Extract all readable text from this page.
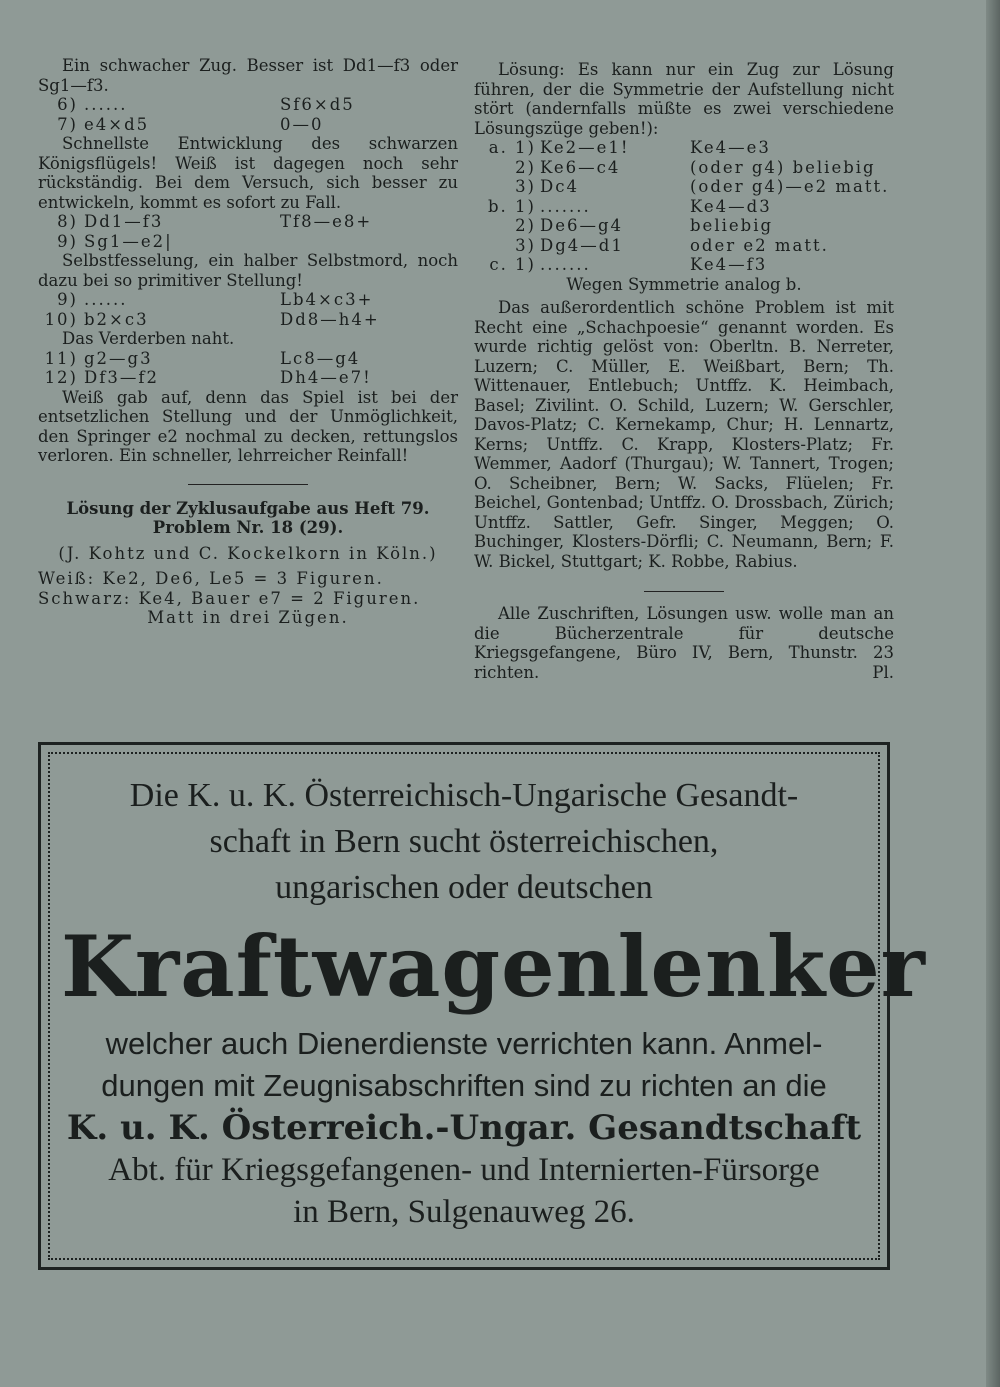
Ein schwacher Zug. Besser ist Dd1—f3 oder Sg1—f3.

6) ......	Sf6×d5
7) e4×d5	0—0

Schnellste Entwicklung des schwarzen Königsflügels! Weiß ist dagegen noch sehr rückständig. Bei dem Versuch, sich besser zu entwickeln, kommt es sofort zu Fall.

8) Dd1—f3	Tf8—e8+
9) Sg1—e2|

Selbstfesselung, ein halber Selbstmord, noch dazu bei so primitiver Stellung!

9) ......	Lb4×c3+
10) b2×c3	Dd8—h4+

Das Verderben naht.

11) g2—g3	Lc8—g4
12) Df3—f2	Dh4—e7!

Weiß gab auf, denn das Spiel ist bei der entsetzlichen Stellung und der Unmöglichkeit, den Springer e2 nochmal zu decken, rettungslos verloren. Ein schneller, lehrreicher Reinfall!

Lösung der Zyklusaufgabe aus Heft 79.

Problem Nr. 18 (29).

(J. Kohtz und C. Kockelkorn in Köln.)

Weiß: Ke2, De6, Le5 = 3 Figuren.

Schwarz: Ke4, Bauer e7 = 2 Figuren.

Matt in drei Zügen.

Lösung: Es kann nur ein Zug zur Lösung führen, der die Symmetrie der Aufstellung nicht stört (andernfalls müßte es zwei verschiedene Lösungszüge geben!):

a. 1) Ke2—e1!	Ke4—e3
2) Ke6—c4	(oder g4) beliebig
3) Dc4	(oder g4)—e2 matt.
b. 1) .......	Ke4—d3
2) De6—g4	beliebig
3) Dg4—d1	oder e2 matt.
c. 1) .......	Ke4—f3

Wegen Symmetrie analog b.

Das außerordentlich schöne Problem ist mit Recht eine „Schachpoesie“ genannt worden. Es wurde richtig gelöst von: Oberltn. B. Nerreter, Luzern; C. Müller, E. Weißbart, Bern; Th. Wittenauer, Entlebuch; Untffz. K. Heimbach, Basel; Zivilint. O. Schild, Luzern; W. Gerschler, Davos-Platz; C. Kernekamp, Chur; H. Lennartz, Kerns; Untffz. C. Krapp, Klosters-Platz; Fr. Wemmer, Aadorf (Thurgau); W. Tannert, Trogen; O. Scheibner, Bern; W. Sacks, Flüelen; Fr. Beichel, Gontenbad; Untffz. O. Drossbach, Zürich; Untffz. Sattler, Gefr. Singer, Meggen; O. Buchinger, Klosters-Dörfli; C. Neumann, Bern; F. W. Bickel, Stuttgart; K. Robbe, Rabius.

Alle Zuschriften, Lösungen usw. wolle man an die Bücherzentrale für deutsche Kriegsgefangene, Büro IV, Bern, Thunstr. 23 richten.	Pl.

Die K. u. K. Österreichisch-Ungarische Gesandt-

schaft in Bern sucht österreichischen,

ungarischen oder deutschen

Kraftwagenlenker

welcher auch Dienerdienste verrichten kann. Anmel-

dungen mit Zeugnisabschriften sind zu richten an die

K. u. K. Österreich.-Ungar. Gesandtschaft

Abt. für Kriegsgefangenen- und Internierten-Fürsorge

in Bern, Sulgenauweg 26.
